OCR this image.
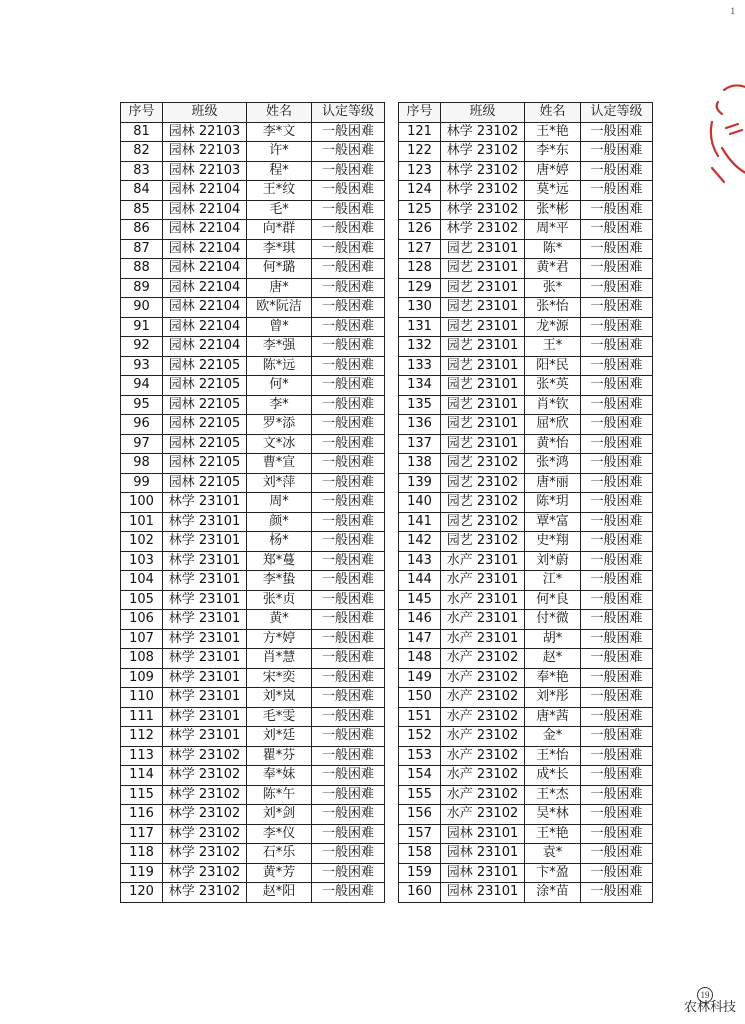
1
序号	班级	姓名	认定等级
81	园林 22103	李*文	一般困难
82	园林 22103	许*	一般困难
83	园林 22103	程*	一般困难
84	园林 22104	王*纹	一般困难
85	园林 22104	毛*	一般困难
86	园林 22104	向*群	一般困难
87	园林 22104	李*琪	一般困难
88	园林 22104	何*璐	一般困难
89	园林 22104	唐*	一般困难
90	园林 22104	欧*阮洁	一般困难
91	园林 22104	曾*	一般困难
92	园林 22104	李*强	一般困难
93	园林 22105	陈*远	一般困难
94	园林 22105	何*	一般困难
95	园林 22105	李*	一般困难
96	园林 22105	罗*添	一般困难
97	园林 22105	文*冰	一般困难
98	园林 22105	曹*宣	一般困难
99	园林 22105	刘*萍	一般困难
100	林学 23101	周*	一般困难
101	林学 23101	颜*	一般困难
102	林学 23101	杨*	一般困难
103	林学 23101	郑*蔓	一般困难
104	林学 23101	李*蛰	一般困难
105	林学 23101	张*贞	一般困难
106	林学 23101	黄*	一般困难
107	林学 23101	方*婷	一般困难
108	林学 23101	肖*慧	一般困难
109	林学 23101	宋*奕	一般困难
110	林学 23101	刘*岚	一般困难
111	林学 23101	毛*雯	一般困难
112	林学 23101	刘*廷	一般困难
113	林学 23102	瞿*芬	一般困难
114	林学 23102	奉*妹	一般困难
115	林学 23102	陈*午	一般困难
116	林学 23102	刘*剑	一般困难
117	林学 23102	李*仪	一般困难
118	林学 23102	石*乐	一般困难
119	林学 23102	黄*芳	一般困难
120	林学 23102	赵*阳	一般困难
序号	班级	姓名	认定等级
121	林学 23102	王*艳	一般困难
122	林学 23102	李*东	一般困难
123	林学 23102	唐*婷	一般困难
124	林学 23102	莫*远	一般困难
125	林学 23102	张*彬	一般困难
126	林学 23102	周*平	一般困难
127	园艺 23101	陈*	一般困难
128	园艺 23101	黄*君	一般困难
129	园艺 23101	张*	一般困难
130	园艺 23101	张*怡	一般困难
131	园艺 23101	龙*源	一般困难
132	园艺 23101	王*	一般困难
133	园艺 23101	阳*民	一般困难
134	园艺 23101	张*英	一般困难
135	园艺 23101	肖*钦	一般困难
136	园艺 23101	屈*欣	一般困难
137	园艺 23101	黄*怡	一般困难
138	园艺 23102	张*鸿	一般困难
139	园艺 23102	唐*丽	一般困难
140	园艺 23102	陈*玥	一般困难
141	园艺 23102	覃*富	一般困难
142	园艺 23102	史*翔	一般困难
143	水产 23101	刘*蔚	一般困难
144	水产 23101	江*	一般困难
145	水产 23101	何*良	一般困难
146	水产 23101	付*微	一般困难
147	水产 23101	胡*	一般困难
148	水产 23102	赵*	一般困难
149	水产 23102	奉*艳	一般困难
150	水产 23102	刘*彤	一般困难
151	水产 23102	唐*茜	一般困难
152	水产 23102	金*	一般困难
153	水产 23102	王*怡	一般困难
154	水产 23102	成*长	一般困难
155	水产 23102	王*杰	一般困难
156	水产 23102	吴*林	一般困难
157	园林 23101	王*艳	一般困难
158	园林 23101	袁*	一般困难
159	园林 23101	卞*盈	一般困难
160	园林 23101	涂*苗	一般困难
19
农林科技
